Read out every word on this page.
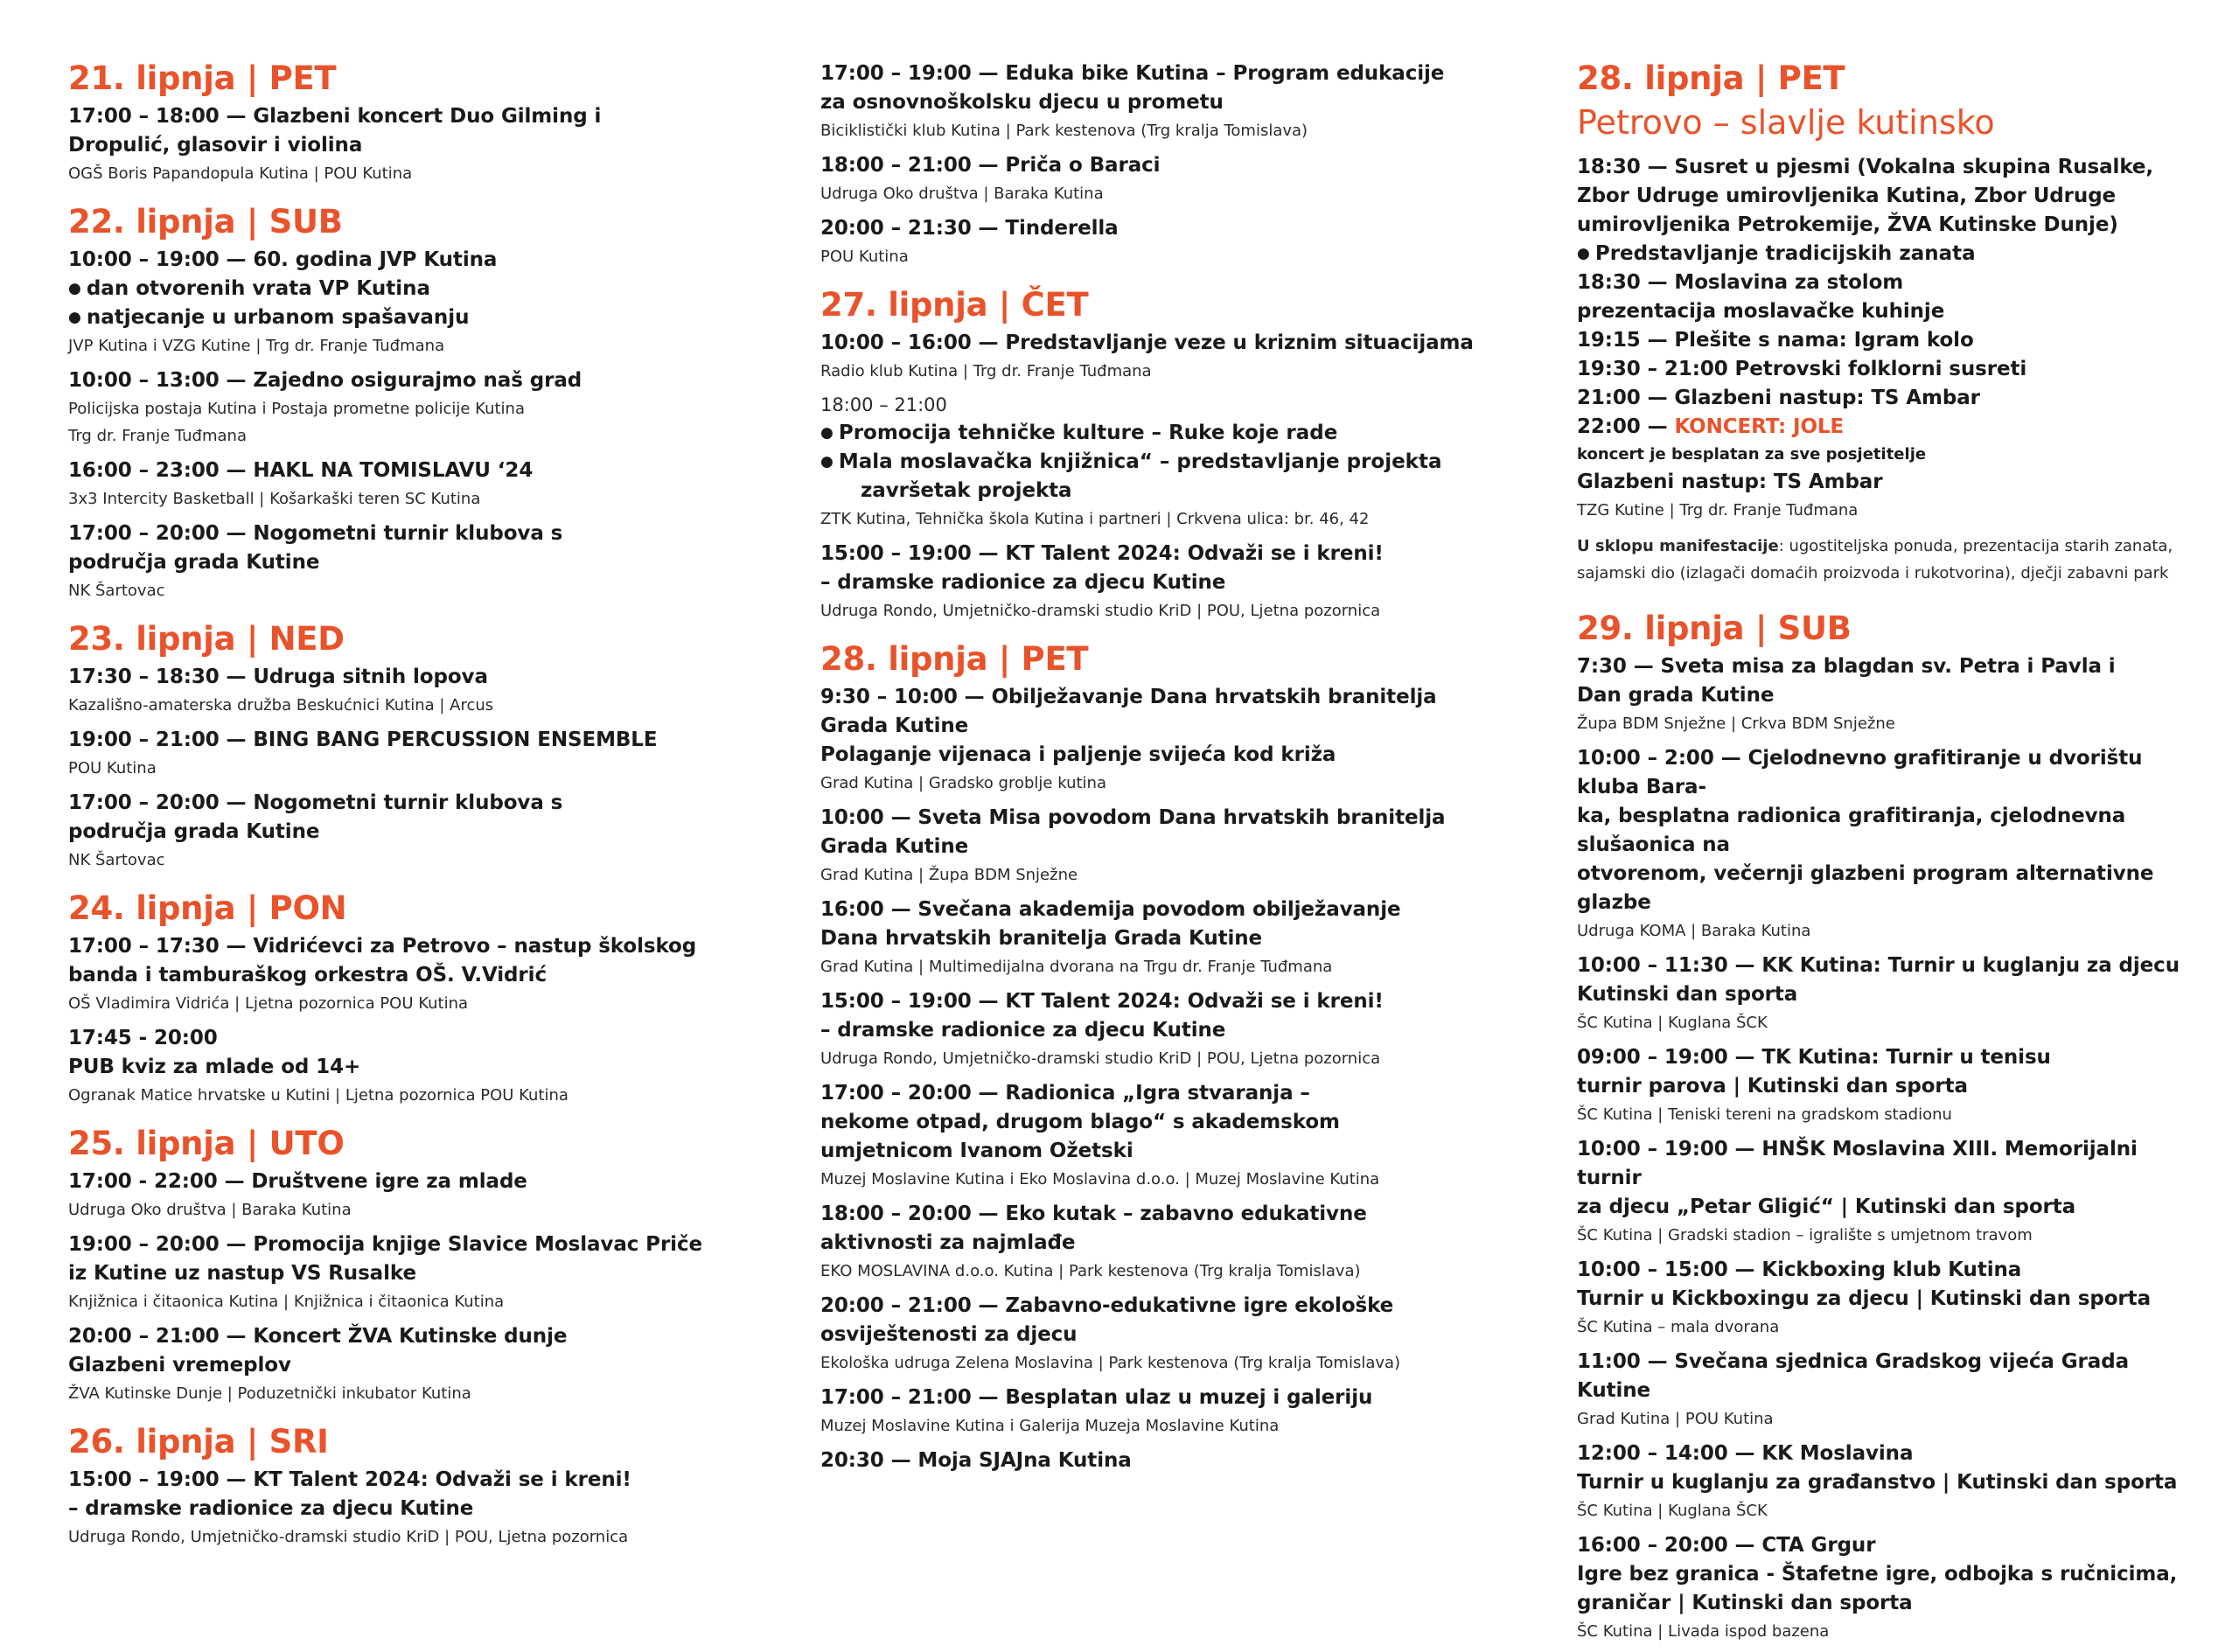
21. lipnja | PET
17:00 – 18:00 — Glazbeni koncert Duo Gilming i
Dropulić, glasovir i violina
OGŠ Boris Papandopula Kutina | POU Kutina
22. lipnja | SUB
10:00 – 19:00 — 60. godina JVP Kutina
● dan otvorenih vrata VP Kutina
● natjecanje u urbanom spašavanju
JVP Kutina i VZG Kutine | Trg dr. Franje Tuđmana
10:00 – 13:00 — Zajedno osigurajmo naš grad
Policijska postaja Kutina i Postaja prometne policije Kutina
Trg dr. Franje Tuđmana
16:00 – 23:00 — HAKL NA TOMISLAVU ‘24
3x3 Intercity Basketball | Košarkaški teren SC Kutina
17:00 – 20:00 — Nogometni turnir klubova s
područja grada Kutine
NK Šartovac
23. lipnja | NED
17:30 – 18:30 — Udruga sitnih lopova
Kazališno-amaterska družba Beskućnici Kutina | Arcus
19:00 – 21:00 — BING BANG PERCUSSION ENSEMBLE
POU Kutina
17:00 – 20:00 — Nogometni turnir klubova s
područja grada Kutine
NK Šartovac
24. lipnja | PON
17:00 – 17:30 — Vidrićevci za Petrovo – nastup školskog
banda i tamburaškog orkestra OŠ. V.Vidrić
OŠ Vladimira Vidrića | Ljetna pozornica POU Kutina
17:45 - 20:00
PUB kviz za mlade od 14+
Ogranak Matice hrvatske u Kutini | Ljetna pozornica POU Kutina
25. lipnja | UTO
17:00 - 22:00 — Društvene igre za mlade
Udruga Oko društva | Baraka Kutina
19:00 – 20:00 — Promocija knjige Slavice Moslavac Priče
iz Kutine uz nastup VS Rusalke
Knjižnica i čitaonica Kutina | Knjižnica i čitaonica Kutina
20:00 – 21:00 — Koncert ŽVA Kutinske dunje
Glazbeni vremeplov
ŽVA Kutinske Dunje | Poduzetnički inkubator Kutina
26. lipnja | SRI
15:00 – 19:00 — KT Talent 2024: Odvaži se i kreni!
– dramske radionice za djecu Kutine
Udruga Rondo, Umjetničko-dramski studio KriD | POU, Ljetna pozornica
17:00 – 19:00 — Eduka bike Kutina – Program edukacije
za osnovnoškolsku djecu u prometu
Biciklistički klub Kutina | Park kestenova (Trg kralja Tomislava)
18:00 – 21:00 — Priča o Baraci
Udruga Oko društva | Baraka Kutina
20:00 – 21:30 — Tinderella
POU Kutina
27. lipnja | ČET
10:00 – 16:00 — Predstavljanje veze u kriznim situacijama
Radio klub Kutina | Trg dr. Franje Tuđmana
18:00 – 21:00
● Promocija tehničke kulture – Ruke koje rade
● Mala moslavačka knjižnica“ – predstavljanje projekta
završetak projekta
ZTK Kutina, Tehnička škola Kutina i partneri | Crkvena ulica: br. 46, 42
15:00 – 19:00 — KT Talent 2024: Odvaži se i kreni!
– dramske radionice za djecu Kutine
Udruga Rondo, Umjetničko-dramski studio KriD | POU, Ljetna pozornica
28. lipnja | PET
9:30 – 10:00 — Obilježavanje Dana hrvatskih branitelja
Grada Kutine
Polaganje vijenaca i paljenje svijeća kod križa
Grad Kutina | Gradsko groblje kutina
10:00 — Sveta Misa povodom Dana hrvatskih branitelja
Grada Kutine
Grad Kutina | Župa BDM Snježne
16:00 — Svečana akademija povodom obilježavanje
Dana hrvatskih branitelja Grada Kutine
Grad Kutina | Multimedijalna dvorana na Trgu dr. Franje Tuđmana
15:00 – 19:00 — KT Talent 2024: Odvaži se i kreni!
– dramske radionice za djecu Kutine
Udruga Rondo, Umjetničko-dramski studio KriD | POU, Ljetna pozornica
17:00 – 20:00 — Radionica „Igra stvaranja –
nekome otpad, drugom blago“ s akademskom
umjetnicom Ivanom Ožetski
Muzej Moslavine Kutina i Eko Moslavina d.o.o. | Muzej Moslavine Kutina
18:00 – 20:00 — Eko kutak – zabavno edukativne
aktivnosti za najmlađe
EKO MOSLAVINA d.o.o. Kutina | Park kestenova (Trg kralja Tomislava)
20:00 – 21:00 — Zabavno-edukativne igre ekološke
osviještenosti za djecu
Ekološka udruga Zelena Moslavina | Park kestenova (Trg kralja Tomislava)
17:00 – 21:00 — Besplatan ulaz u muzej i galeriju
Muzej Moslavine Kutina i Galerija Muzeja Moslavine Kutina
20:30 — Moja SJAJna Kutina
28. lipnja | PET
Petrovo – slavlje kutinsko
18:30 — Susret u pjesmi (Vokalna skupina Rusalke,
Zbor Udruge umirovljenika Kutina, Zbor Udruge
umirovljenika Petrokemije, ŽVA Kutinske Dunje)
● Predstavljanje tradicijskih zanata
18:30 — Moslavina za stolom
prezentacija moslavačke kuhinje
19:15 — Plešite s nama: Igram kolo
19:30 – 21:00 Petrovski folklorni susreti
21:00 — Glazbeni nastup: TS Ambar
22:00 — KONCERT: JOLE
koncert je besplatan za sve posjetitelje
Glazbeni nastup: TS Ambar
TZG Kutine | Trg dr. Franje Tuđmana
U sklopu manifestacije: ugostiteljska ponuda, prezentacija starih zanata, sajamski dio (izlagači domaćih proizvoda i rukotvorina), dječji zabavni park
29. lipnja | SUB
7:30 — Sveta misa za blagdan sv. Petra i Pavla i
Dan grada Kutine
Župa BDM Snježne | Crkva BDM Snježne
10:00 – 2:00 — Cjelodnevno grafitiranje u dvorištu kluba Bara-
ka, besplatna radionica grafitiranja, cjelodnevna slušaonica na
otvorenom, večernji glazbeni program alternativne glazbe
Udruga KOMA | Baraka Kutina
10:00 – 11:30 — KK Kutina: Turnir u kuglanju za djecu
Kutinski dan sporta
ŠC Kutina | Kuglana ŠCK
09:00 – 19:00 — TK Kutina: Turnir u tenisu
turnir parova | Kutinski dan sporta
ŠC Kutina | Teniski tereni na gradskom stadionu
10:00 – 19:00 — HNŠK Moslavina XIII. Memorijalni turnir
za djecu „Petar Gligić“ | Kutinski dan sporta
ŠC Kutina | Gradski stadion – igralište s umjetnom travom
10:00 – 15:00 — Kickboxing klub Kutina
Turnir u Kickboxingu za djecu | Kutinski dan sporta
ŠC Kutina – mala dvorana
11:00 — Svečana sjednica Gradskog vijeća Grada Kutine
Grad Kutina | POU Kutina
12:00 – 14:00 — KK Moslavina
Turnir u kuglanju za građanstvo | Kutinski dan sporta
ŠC Kutina | Kuglana ŠCK
16:00 – 20:00 — CTA Grgur
Igre bez granica - Štafetne igre, odbojka s ručnicima,
graničar | Kutinski dan sporta
ŠC Kutina | Livada ispod bazena
